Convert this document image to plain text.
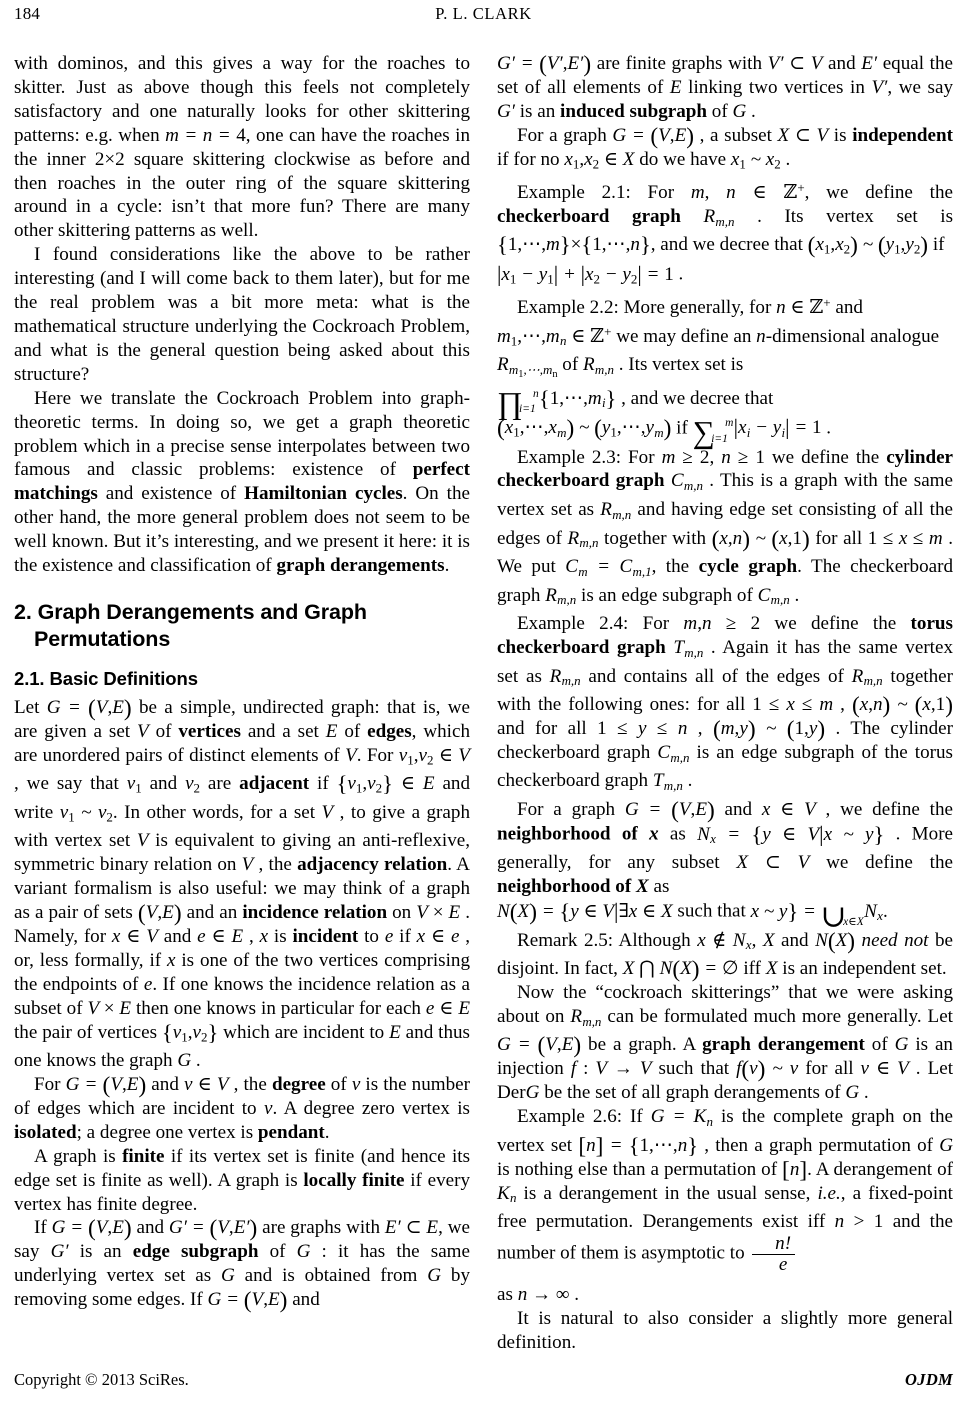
184	P. L. CLARK

with dominos, and this gives a way for the roaches to skitter. Just as above though this feels not completely satisfactory and one naturally looks for other skittering patterns: e.g. when m = n = 4, one can have the roaches in the inner 2×2 square skittering clockwise as before and then roaches in the outer ring of the square skittering around in a cycle: isn’t that more fun? There are many other skittering patterns as well.

I found considerations like the above to be rather interesting (and I will come back to them later), but for me the real problem was a bit more meta: what is the mathematical structure underlying the Cockroach Problem, and what is the general question being asked about this structure?

Here we translate the Cockroach Problem into graph-theoretic terms. In doing so, we get a graph theoretic problem which in a precise sense interpolates between two famous and classic problems: existence of perfect matchings and existence of Hamiltonian cycles. On the other hand, the more general problem does not seem to be well known. But it’s interesting, and we present it here: it is the existence and classification of graph derangements.

2. Graph Derangements and Graph
Permutations
2.1. Basic Definitions

Let G = (V,E) be a simple, undirected graph: that is, we are given a set V of vertices and a set E of edges, which are unordered pairs of distinct elements of V. For v1,v2 ∈ V , we say that v1 and v2 are adjacent if {v1,v2} ∈ E and write v1 ~ v2. In other words, for a set V , to give a graph with vertex set V is equivalent to giving an anti-reflexive, symmetric binary relation on V , the adjacency relation. A variant formalism is also useful: we may think of a graph as a pair of sets (V,E) and an incidence relation on V × E . Namely, for x ∈ V and e ∈ E , x is incident to e if x ∈ e , or, less formally, if x is one of the two vertices comprising the endpoints of e. If one knows the incidence relation as a subset of V × E then one knows in particular for each e ∈ E the pair of vertices {v1,v2} which are incident to E and thus one knows the graph G .

For G = (V,E) and v ∈ V , the degree of v is the number of edges which are incident to v. A degree zero vertex is isolated; a degree one vertex is pendant.

A graph is finite if its vertex set is finite (and hence its edge set is finite as well). A graph is locally finite if every vertex has finite degree.

If G = (V,E) and G′ = (V,E′) are graphs with E′ ⊂ E, we say G′ is an edge subgraph of G : it has the same underlying vertex set as G and is obtained from G by removing some edges. If G = (V,E) and

G′ = (V′,E′) are finite graphs with V′ ⊂ V and E′ equal the set of all elements of E linking two vertices in V′, we say G′ is an induced subgraph of G .

For a graph G = (V,E) , a subset X ⊂ V is independent if for no x1,x2 ∈ X do we have x1 ~ x2 .

Example 2.1: For m, n ∈ ℤ+, we define the checkerboard graph $R_{m,n}$ . Its vertex set is {1,⋯,m}×{1,⋯,n}, and we decree that (x1,x2) ~ (y1,y2) if

|x1 − y1| + |x2 − y2| = 1 .

Example 2.2: More generally, for n ∈ ℤ+ and

$m1,\cdots,m_n$ ∈ ℤ+ we may define an n-dimensional analogue $R_{m_1,\cdots,m_n}$ of $R_{m,n}$ . Its vertex set is

$\prod i=1n\{1,\cdots,m_i\}$ , and we decree that

$(x1,\cdots,x_m)$ ~ $(y1,\cdots,y_m)$ if $\sum i=1m|x_i - y_i| = 1$ .

Example 2.3: For m ≥ 2, n ≥ 1 we define the cylinder checkerboard graph $C_{m,n}$ . This is a graph with the same vertex set as $R_{m,n}$ and having edge set consisting of all the edges of $R_{m,n}$ together with (x,n) ~ (x,1) for all 1 ≤ x ≤ m . We put $C_m = C_{m,1}$, the cycle graph. The checkerboard graph $R_{m,n}$ is an edge subgraph of $C_{m,n}$ .

Example 2.4: For m,n ≥ 2 we define the torus checkerboard graph $T_{m,n}$ . Again it has the same vertex set as $R_{m,n}$ and contains all of the edges of $R_{m,n}$ together with the following ones: for all 1 ≤ x ≤ m , (x,n) ~ (x,1) and for all 1 ≤ y ≤ n , (m,y) ~ (1,y) . The cylinder checkerboard graph $C_{m,n}$ is an edge subgraph of the torus checkerboard graph $T_{m,n}$ .

For a graph G = (V,E) and x ∈ V , we define the neighborhood of x as $N_x = \{y$ ∈ V|x ~ y} . More generally, for any subset X ⊂ V we define the neighborhood of X as

N(X) = {y ∈ V|∃x ∈ X such that x ~ $y\} = \cup x\in XN_x$.

Remark 2.5: Although x ∉ $N_x$, X and N(X) need not be disjoint. In fact, X ⋂ N(X) = ∅ iff X is an independent set.

Now the “cockroach skitterings” that we were asking about on $R_{m,n}$ can be formulated much more generally. Let G = (V,E) be a graph. A graph derangement of G is an injection f : V → V such that f(v) ~ v for all v ∈ V . Let DerG be the set of all graph derangements of G .

Example 2.6: If $G = K_n$ is the complete graph on the vertex set [n] = {1,⋯,n} , then a graph permutation of G is nothing else than a permutation of [n]. A derangement of $K_n$ is a derangement in the usual sense, i.e., a fixed-point free permutation. Derangements exist iff n > 1 and the number of them is asymptotic to $\frac{n!}{e}$

as n → ∞ .

It is natural to also consider a slightly more general definition.

Copyright © 2013 SciRes.	OJDM
